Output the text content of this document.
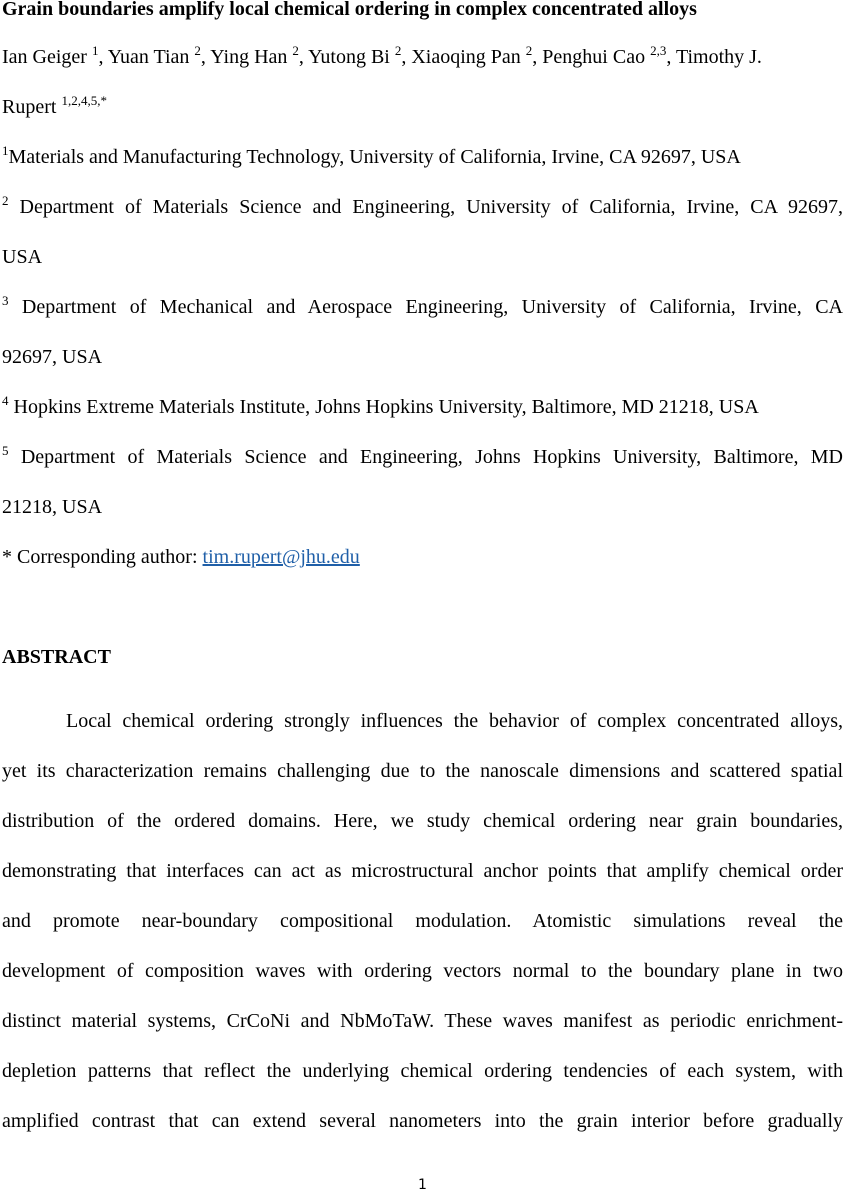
Grain boundaries amplify local chemical ordering in complex concentrated alloys
Ian Geiger $^1$, Yuan Tian $^2$, Ying Han $^2$, Yutong Bi $^2$, Xiaoqing Pan $^2$, Penghui Cao $^{2,3}$, Timothy J.
Rupert $^{1,2,4,5,*}$
$^1$Materials and Manufacturing Technology, University of California, Irvine, CA 92697, USA
$^2$ Department of Materials Science and Engineering, University of California, Irvine, CA 92697,
USA
$^3$ Department of Mechanical and Aerospace Engineering, University of California, Irvine, CA
92697, USA
$^4$ Hopkins Extreme Materials Institute, Johns Hopkins University, Baltimore, MD 21218, USA
$^5$ Department of Materials Science and Engineering, Johns Hopkins University, Baltimore, MD
21218, USA
* Corresponding author: tim.rupert@jhu.edu
ABSTRACT
Local chemical ordering strongly influences the behavior of complex concentrated alloys,
yet its characterization remains challenging due to the nanoscale dimensions and scattered spatial
distribution of the ordered domains. Here, we study chemical ordering near grain boundaries,
demonstrating that interfaces can act as microstructural anchor points that amplify chemical order
and promote near-boundary compositional modulation. Atomistic simulations reveal the
development of composition waves with ordering vectors normal to the boundary plane in two
distinct material systems, CrCoNi and NbMoTaW. These waves manifest as periodic enrichment-
depletion patterns that reflect the underlying chemical ordering tendencies of each system, with
amplified contrast that can extend several nanometers into the grain interior before gradually
1
